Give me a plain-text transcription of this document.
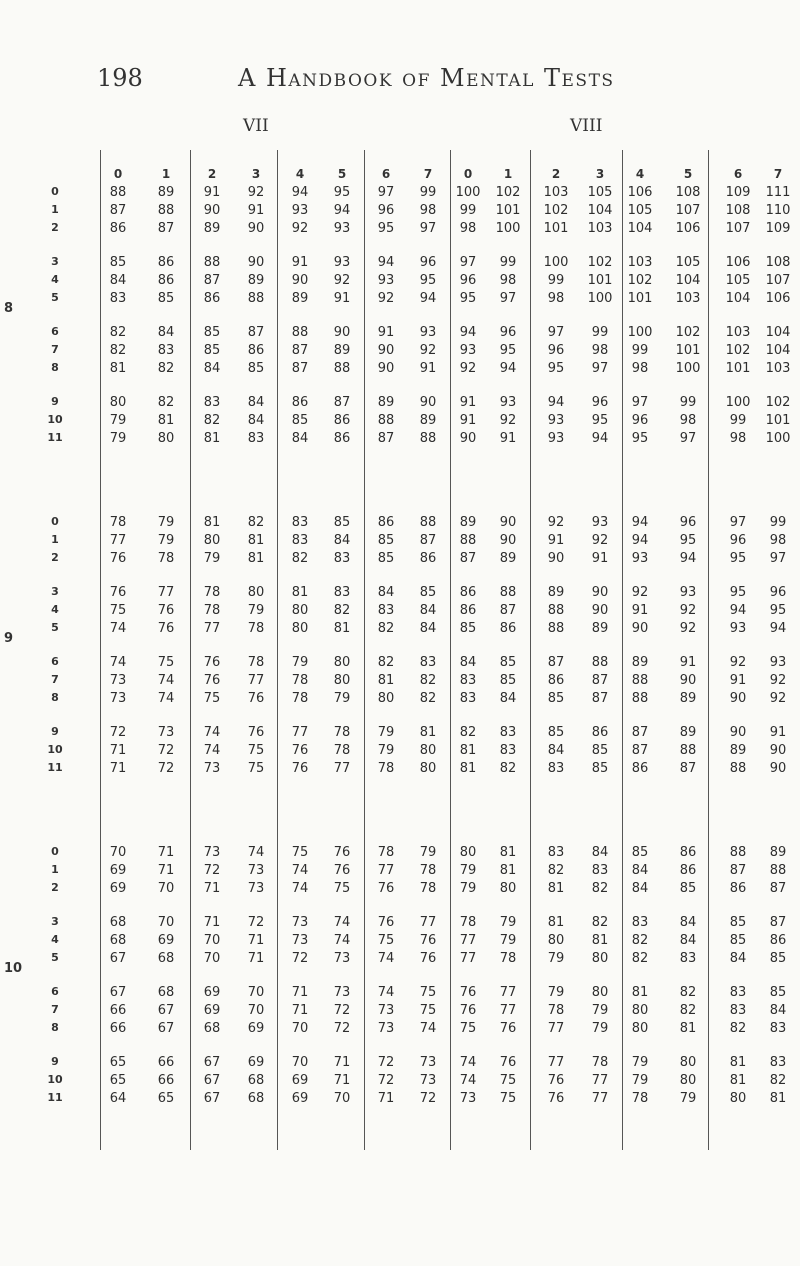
198	A Handbook of Mental Tests
VII	VIII
0	1	2	3	4	5	6	7	0	1	2	3	4	5	6	7
8
0	88	89	91	92	94	95	97	99	100	102	103	105	106	108	109	111
1	87	88	90	91	93	94	96	98	99	101	102	104	105	107	108	110
2	86	87	89	90	92	93	95	97	98	100	101	103	104	106	107	109
3	85	86	88	90	91	93	94	96	97	99	100	102	103	105	106	108
4	84	86	87	89	90	92	93	95	96	98	99	101	102	104	105	107
5	83	85	86	88	89	91	92	94	95	97	98	100	101	103	104	106
6	82	84	85	87	88	90	91	93	94	96	97	99	100	102	103	104
7	82	83	85	86	87	89	90	92	93	95	96	98	99	101	102	104
8	81	82	84	85	87	88	90	91	92	94	95	97	98	100	101	103
9	80	82	83	84	86	87	89	90	91	93	94	96	97	99	100	102
10	79	81	82	84	85	86	88	89	91	92	93	95	96	98	99	101
11	79	80	81	83	84	86	87	88	90	91	93	94	95	97	98	100
9
0	78	79	81	82	83	85	86	88	89	90	92	93	94	96	97	99
1	77	79	80	81	83	84	85	87	88	90	91	92	94	95	96	98
2	76	78	79	81	82	83	85	86	87	89	90	91	93	94	95	97
3	76	77	78	80	81	83	84	85	86	88	89	90	92	93	95	96
4	75	76	78	79	80	82	83	84	86	87	88	90	91	92	94	95
5	74	76	77	78	80	81	82	84	85	86	88	89	90	92	93	94
6	74	75	76	78	79	80	82	83	84	85	87	88	89	91	92	93
7	73	74	76	77	78	80	81	82	83	85	86	87	88	90	91	92
8	73	74	75	76	78	79	80	82	83	84	85	87	88	89	90	92
9	72	73	74	76	77	78	79	81	82	83	85	86	87	89	90	91
10	71	72	74	75	76	78	79	80	81	83	84	85	87	88	89	90
11	71	72	73	75	76	77	78	80	81	82	83	85	86	87	88	90
10
0	70	71	73	74	75	76	78	79	80	81	83	84	85	86	88	89
1	69	71	72	73	74	76	77	78	79	81	82	83	84	86	87	88
2	69	70	71	73	74	75	76	78	79	80	81	82	84	85	86	87
3	68	70	71	72	73	74	76	77	78	79	81	82	83	84	85	87
4	68	69	70	71	73	74	75	76	77	79	80	81	82	84	85	86
5	67	68	70	71	72	73	74	76	77	78	79	80	82	83	84	85
6	67	68	69	70	71	73	74	75	76	77	79	80	81	82	83	85
7	66	67	69	70	71	72	73	75	76	77	78	79	80	82	83	84
8	66	67	68	69	70	72	73	74	75	76	77	79	80	81	82	83
9	65	66	67	69	70	71	72	73	74	76	77	78	79	80	81	83
10	65	66	67	68	69	71	72	73	74	75	76	77	79	80	81	82
11	64	65	67	68	69	70	71	72	73	75	76	77	78	79	80	81
